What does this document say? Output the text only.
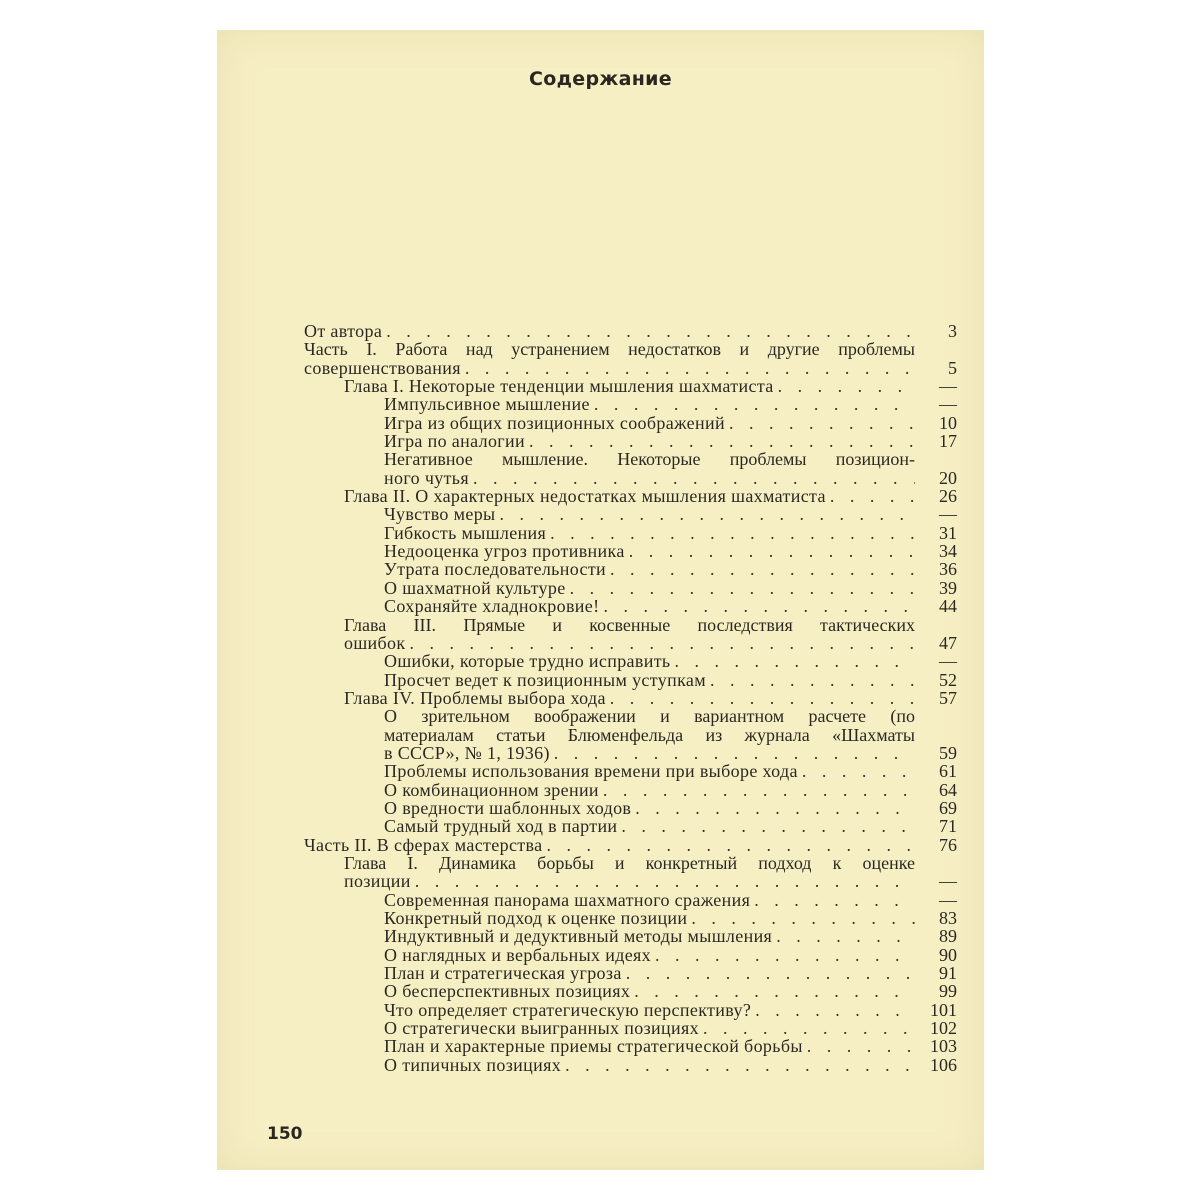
Содержание
От автора . . .	3
Часть I. Работа над устранением недостатков и другие проблемы
совершенствования . . .	5
Глава I. Некоторые тенденции мышления шахматиста . . .	—
Импульсивное мышление . . .	—
Игра из общих позиционных соображений . . .	10
Игра по аналогии . . .	17
Негативное мышление. Некоторые проблемы позицион-
ного чутья . . .	20
Глава II. О характерных недостатках мышления шахматиста . . .	26
Чувство меры . . .	—
Гибкость мышления . . .	31
Недооценка угроз противника . . .	34
Утрата последовательности . . .	36
О шахматной культуре . . .	39
Сохраняйте хладнокровие! . . .	44
Глава III. Прямые и косвенные последствия тактических
ошибок . . .	47
Ошибки, которые трудно исправить . . .	—
Просчет ведет к позиционным уступкам . . .	52
Глава IV. Проблемы выбора хода . . .	57
О зрительном воображении и вариантном расчете (по
материалам статьи Блюменфельда из журнала «Шахматы
в СССР», № 1, 1936) . . .	59
Проблемы использования времени при выборе хода . . .	61
О комбинационном зрении . . .	64
О вредности шаблонных ходов . . .	69
Самый трудный ход в партии . . .	71
Часть II. В сферах мастерства . . .	76
Глава I. Динамика борьбы и конкретный подход к оценке
позиции . . .	—
Современная панорама шахматного сражения . . .	—
Конкретный подход к оценке позиции . . .	83
Индуктивный и дедуктивный методы мышления . . .	89
О наглядных и вербальных идеях . . .	90
План и стратегическая угроза . . .	91
О бесперспективных позициях . . .	99
Что определяет стратегическую перспективу? . . .	101
О стратегически выигранных позициях . . .	102
План и характерные приемы стратегической борьбы . . .	103
О типичных позициях . . .	106
150
